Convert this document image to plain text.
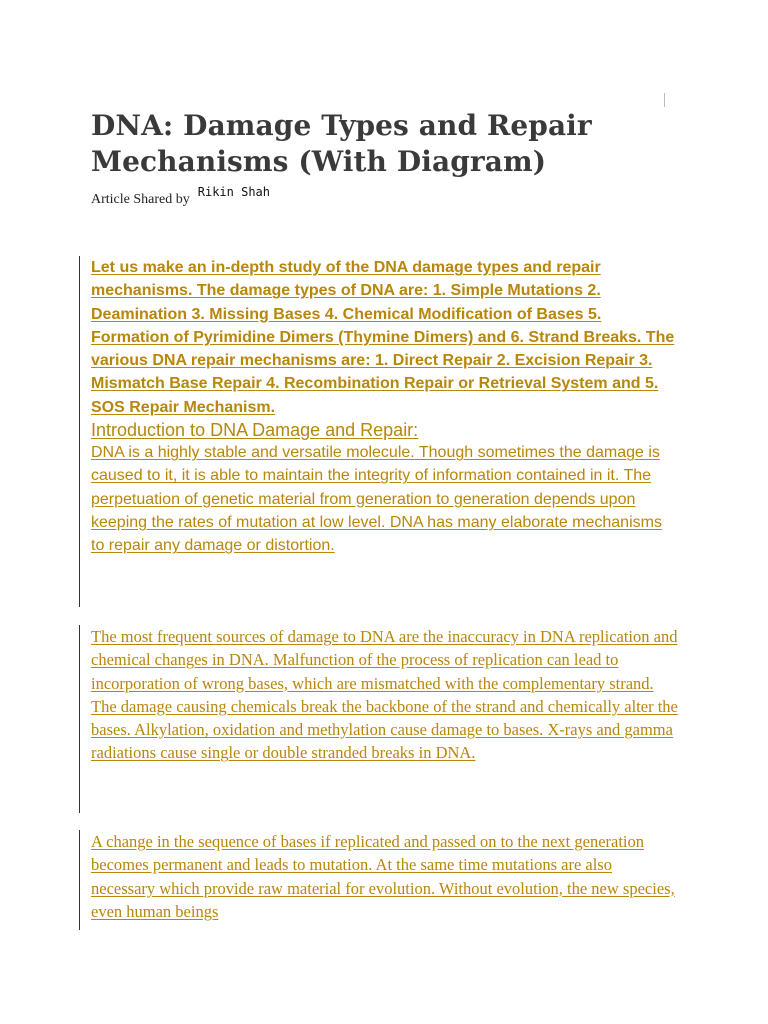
DNA: Damage Types and Repair Mechanisms (With Diagram)
Article Shared by Rikin Shah

Let us make an in-depth study of the DNA damage types and repair mechanisms. The damage types of DNA are: 1. Simple Mutations 2. Deamination 3. Missing Bases 4. Chemical Modification of Bases 5. Formation of Pyrimidine Dimers (Thymine Dimers) and 6. Strand Breaks. The various DNA repair mechanisms are: 1. Direct Repair 2. Excision Repair 3. Mismatch Base Repair 4. Recombination Repair or Retrieval System and 5. SOS Repair Mechanism.

Introduction to DNA Damage and Repair:

DNA is a highly stable and versatile molecule. Though sometimes the damage is caused to it, it is able to maintain the integrity of information contained in it. The perpetuation of genetic material from generation to generation depends upon keeping the rates of mutation at low level. DNA has many elaborate mechanisms to repair any damage or distortion.

The most frequent sources of damage to DNA are the inaccuracy in DNA replication and chemical changes in DNA. Malfunction of the process of replication can lead to incorporation of wrong bases, which are mismatched with the complementary strand. The damage causing chemicals break the backbone of the strand and chemically alter the bases. Alkylation, oxidation and methylation cause damage to bases. X-rays and gamma radiations cause single or double stranded breaks in DNA.

A change in the sequence of bases if replicated and passed on to the next generation becomes permanent and leads to mutation. At the same time mutations are also necessary which provide raw material for evolution. Without evolution, the new species, even human beings
